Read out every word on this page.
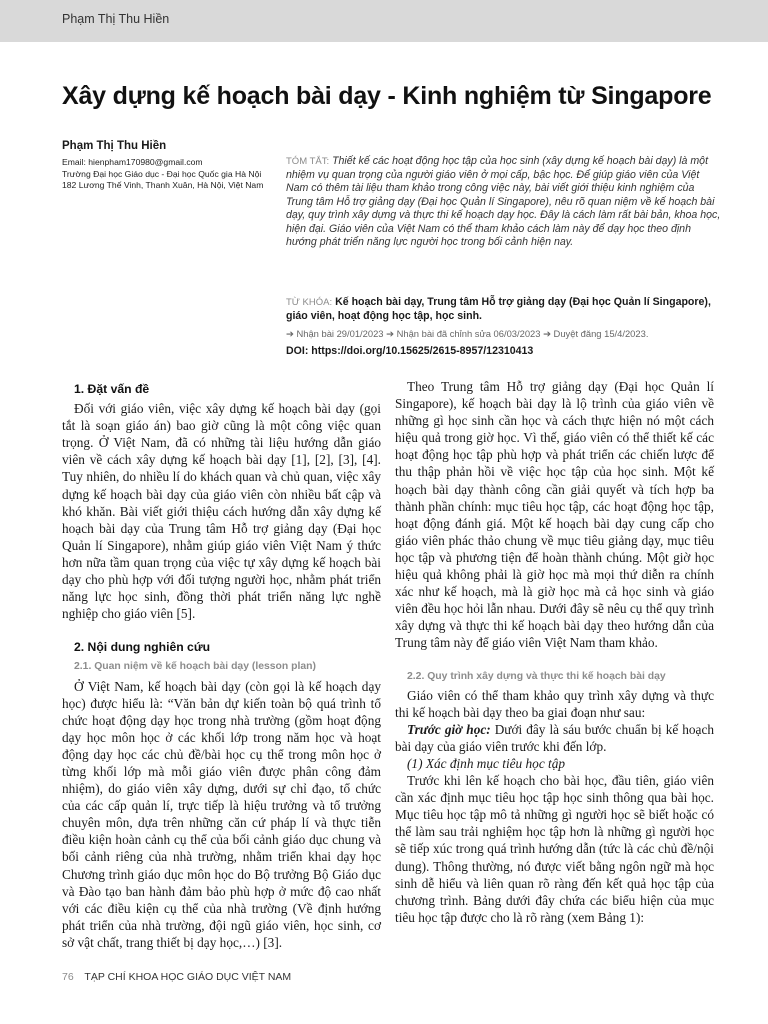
Phạm Thị Thu Hiền
Xây dựng kế hoạch bài dạy - Kinh nghiệm từ Singapore
Phạm Thị Thu Hiền
Email: hienpham170980@gmail.com
Trường Đại học Giáo dục - Đại học Quốc gia Hà Nội
182 Lương Thế Vinh, Thanh Xuân, Hà Nội, Việt Nam

TÓM TẮT: Thiết kế các hoạt động học tập của học sinh (xây dựng kế hoạch bài dạy) là một nhiệm vụ quan trọng của người giáo viên ở mọi cấp, bậc học. Để giúp giáo viên của Việt Nam có thêm tài liệu tham khảo trong công việc này, bài viết giới thiệu kinh nghiệm của Trung tâm Hỗ trợ giảng dạy (Đại học Quản lí Singapore), nêu rõ quan niệm về kế hoạch bài dạy, quy trình xây dựng và thực thi kế hoạch dạy học. Đây là cách làm rất bài bản, khoa học, hiện đại. Giáo viên của Việt Nam có thể tham khảo cách làm này để dạy học theo định hướng phát triển năng lực người học trong bối cảnh hiện nay.

TỪ KHÓA: Kế hoạch bài dạy, Trung tâm Hỗ trợ giảng dạy (Đại học Quản lí Singapore), giáo viên, hoạt động học tập, học sinh.

➔ Nhận bài 29/01/2023 ➔ Nhận bài đã chỉnh sửa 06/03/2023 ➔ Duyệt đăng 15/4/2023.
DOI: https://doi.org/10.15625/2615-8957/12310413
1. Đặt vấn đề

Đối với giáo viên, việc xây dựng kế hoạch bài dạy (gọi tắt là soạn giáo án) bao giờ cũng là một công việc quan trọng. Ở Việt Nam, đã có những tài liệu hướng dẫn giáo viên về cách xây dựng kế hoạch bài dạy [1], [2], [3], [4]. Tuy nhiên, do nhiều lí do khách quan và chủ quan, việc xây dựng kế hoạch bài dạy của giáo viên còn nhiều bất cập và khó khăn. Bài viết giới thiệu cách hướng dẫn xây dựng kế hoạch bài dạy của Trung tâm Hỗ trợ giảng dạy (Đại học Quản lí Singapore), nhằm giúp giáo viên Việt Nam ý thức hơn nữa tầm quan trọng của việc tự xây dựng kế hoạch bài dạy cho phù hợp với đối tượng người học, nhằm phát triển năng lực học sinh, đồng thời phát triển năng lực nghề nghiệp cho giáo viên [5].

2. Nội dung nghiên cứu
2.1. Quan niệm về kế hoạch bài dạy (lesson plan)

Ở Việt Nam, kế hoạch bài dạy (còn gọi là kế hoạch dạy học) được hiểu là: “Văn bản dự kiến toàn bộ quá trình tổ chức hoạt động dạy học trong nhà trường (gồm hoạt động dạy học môn học ở các khối lớp trong năm học và hoạt động dạy học các chủ đề/bài học cụ thể trong môn học ở từng khối lớp mà mỗi giáo viên được phân công đảm nhiệm), do giáo viên xây dựng, dưới sự chỉ đạo, tổ chức của các cấp quản lí, trực tiếp là hiệu trưởng và tổ trưởng chuyên môn, dựa trên những căn cứ pháp lí và thực tiễn điều kiện hoàn cảnh cụ thể của bối cảnh giáo dục chung và bối cảnh riêng của nhà trường, nhằm triển khai dạy học Chương trình giáo dục môn học do Bộ trưởng Bộ Giáo dục và Đào tạo ban hành đảm bảo phù hợp ở mức độ cao nhất với các điều kiện cụ thể của nhà trường (Về định hướng phát triển của nhà trường, đội ngũ giáo viên, học sinh, cơ sở vật chất, trang thiết bị dạy học,…) [3].

Theo Trung tâm Hỗ trợ giảng dạy (Đại học Quản lí Singapore), kế hoạch bài dạy là lộ trình của giáo viên về những gì học sinh cần học và cách thực hiện nó một cách hiệu quả trong giờ học. Vì thế, giáo viên có thể thiết kế các hoạt động học tập phù hợp và phát triển các chiến lược để thu thập phản hồi về việc học tập của học sinh. Một kế hoạch bài dạy thành công cần giải quyết và tích hợp ba thành phần chính: mục tiêu học tập, các hoạt động học tập, hoạt động đánh giá. Một kế hoạch bài dạy cung cấp cho giáo viên phác thảo chung về mục tiêu giảng dạy, mục tiêu học tập và phương tiện để hoàn thành chúng. Một giờ học hiệu quả không phải là giờ học mà mọi thứ diễn ra chính xác như kế hoạch, mà là giờ học mà cả học sinh và giáo viên đều học hỏi lẫn nhau. Dưới đây sẽ nêu cụ thể quy trình xây dựng và thực thi kế hoạch bài dạy theo hướng dẫn của Trung tâm này để giáo viên Việt Nam tham khảo.

2.2. Quy trình xây dựng và thực thi kế hoạch bài dạy

Giáo viên có thể tham khảo quy trình xây dựng và thực thi kế hoạch bài dạy theo ba giai đoạn như sau:

Trước giờ học: Dưới đây là sáu bước chuẩn bị kế hoạch bài dạy của giáo viên trước khi đến lớp.

(1) Xác định mục tiêu học tập

Trước khi lên kế hoạch cho bài học, đầu tiên, giáo viên cần xác định mục tiêu học tập học sinh thông qua bài học. Mục tiêu học tập mô tả những gì người học sẽ biết hoặc có thể làm sau trải nghiệm học tập hơn là những gì người học sẽ tiếp xúc trong quá trình hướng dẫn (tức là các chủ đề/nội dung). Thông thường, nó được viết bằng ngôn ngữ mà học sinh dễ hiểu và liên quan rõ ràng đến kết quả học tập của chương trình. Bảng dưới đây chứa các biểu hiện của mục tiêu học tập được cho là rõ ràng (xem Bảng 1):

76 TẠP CHÍ KHOA HỌC GIÁO DỤC VIỆT NAM
